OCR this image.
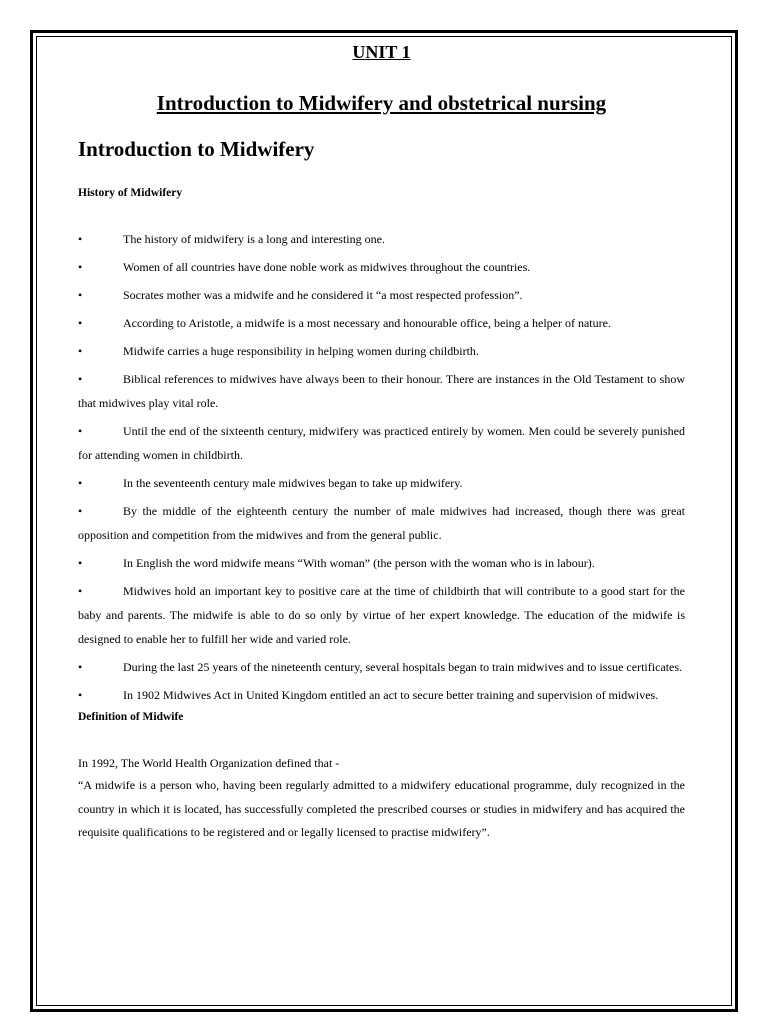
UNIT 1
Introduction to Midwifery and obstetrical nursing
Introduction to Midwifery
History of Midwifery
•	The history of midwifery is a long and interesting one.
•	Women of all countries have done noble work as midwives throughout the countries.
•	Socrates mother was a midwife and he considered it “a most respected profession”.
•	According to Aristotle, a midwife is a most necessary and honourable office, being a helper of nature.
•	Midwife carries a huge responsibility in helping women during childbirth.
•	Biblical references to midwives have always been to their honour. There are instances in the Old Testament to show that midwives play vital role.
•	Until the end of the sixteenth century, midwifery was practiced entirely by women. Men could be severely punished for attending women in childbirth.
•	In the seventeenth century male midwives began to take up midwifery.
•	By the middle of the eighteenth century the number of male midwives had increased, though there was great opposition and competition from the midwives and from the general public.
•	In English the word midwife means “With woman” (the person with the woman who is in labour).
•	Midwives hold an important key to positive care at the time of childbirth that will contribute to a good start for the baby and parents. The midwife is able to do so only by virtue of her expert knowledge. The education of the midwife is designed to enable her to fulfill her wide and varied role.
•	During the last 25 years of the nineteenth century, several hospitals began to train midwives and to issue certificates.
•	In 1902 Midwives Act in United Kingdom entitled an act to secure better training and supervision of midwives.
Definition of Midwife
In 1992, The World Health Organization defined that -
“A midwife is a person who, having been regularly admitted to a midwifery educational programme, duly recognized in the country in which it is located, has successfully completed the prescribed courses or studies in midwifery and has acquired the requisite qualifications to be registered and or legally licensed to practise midwifery”.
